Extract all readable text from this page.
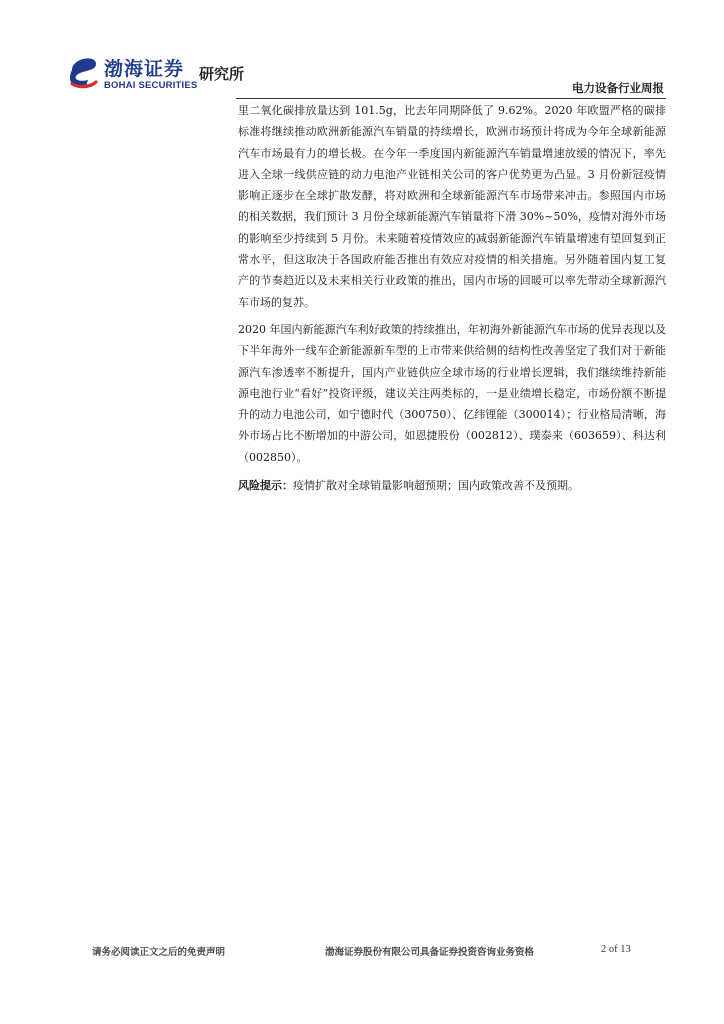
渤海证券
BOHAI SECURITIES
研究所
电力设备行业周报
里二氧化碳排放量达到 101.5g，比去年同期降低了 9.62%。2020 年欧盟严格的碳排标准将继续推动欧洲新能源汽车销量的持续增长，欧洲市场预计将成为今年全球新能源汽车市场最有力的增长极。在今年一季度国内新能源汽车销量增速放缓的情况下，率先进入全球一线供应链的动力电池产业链相关公司的客户优势更为凸显。3 月份新冠疫情影响正逐步在全球扩散发酵，将对欧洲和全球新能源汽车市场带来冲击。参照国内市场的相关数据，我们预计 3 月份全球新能源汽车销量将下滑 30%~50%，疫情对海外市场的影响至少持续到 5 月份。未来随着疫情效应的减弱新能源汽车销量增速有望回复到正常水平，但这取决于各国政府能否推出有效应对疫情的相关措施。另外随着国内复工复产的节奏趋近以及未来相关行业政策的推出，国内市场的回暖可以率先带动全球新源汽车市场的复苏。
2020 年国内新能源汽车利好政策的持续推出，年初海外新能源汽车市场的优异表现以及下半年海外一线车企新能源新车型的上市带来供给侧的结构性改善坚定了我们对于新能源汽车渗透率不断提升，国内产业链供应全球市场的行业增长逻辑，我们继续维持新能源电池行业“看好”投资评级，建议关注两类标的，一是业绩增长稳定，市场份额不断提升的动力电池公司，如宁德时代（300750）、亿纬锂能（300014）；行业格局清晰，海外市场占比不断增加的中游公司，如恩捷股份（002812）、璞泰来（603659）、科达利（002850）。
风险提示：疫情扩散对全球销量影响超预期；国内政策改善不及预期。
请务必阅读正文之后的免责声明	渤海证券股份有限公司具备证券投资咨询业务资格	2 of 13
